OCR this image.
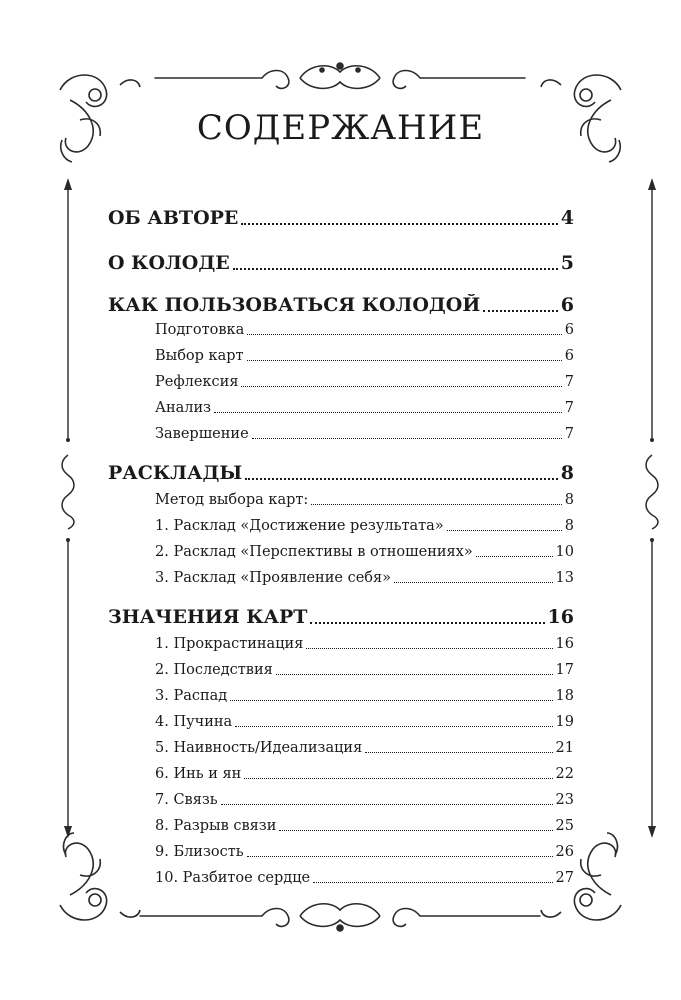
СОДЕРЖАНИЕ
ОБ АВТОРЕ	4
О КОЛОДЕ	5
КАК ПОЛЬЗОВАТЬСЯ КОЛОДОЙ	6
Подготовка	6
Выбор карт	6
Рефлексия	7
Анализ	7
Завершение	7
РАСКЛАДЫ	8
Метод выбора карт:	8
1. Расклад «Достижение результата»	8
2. Расклад «Перспективы в отношениях»	10
3. Расклад «Проявление себя»	13
ЗНАЧЕНИЯ КАРТ	16
1. Прокрастинация	16
2. Последствия	17
3. Распад	18
4. Пучина	19
5. Наивность/Идеализация	21
6. Инь и ян	22
7. Связь	23
8. Разрыв связи	25
9. Близость	26
10. Разбитое сердце	27
